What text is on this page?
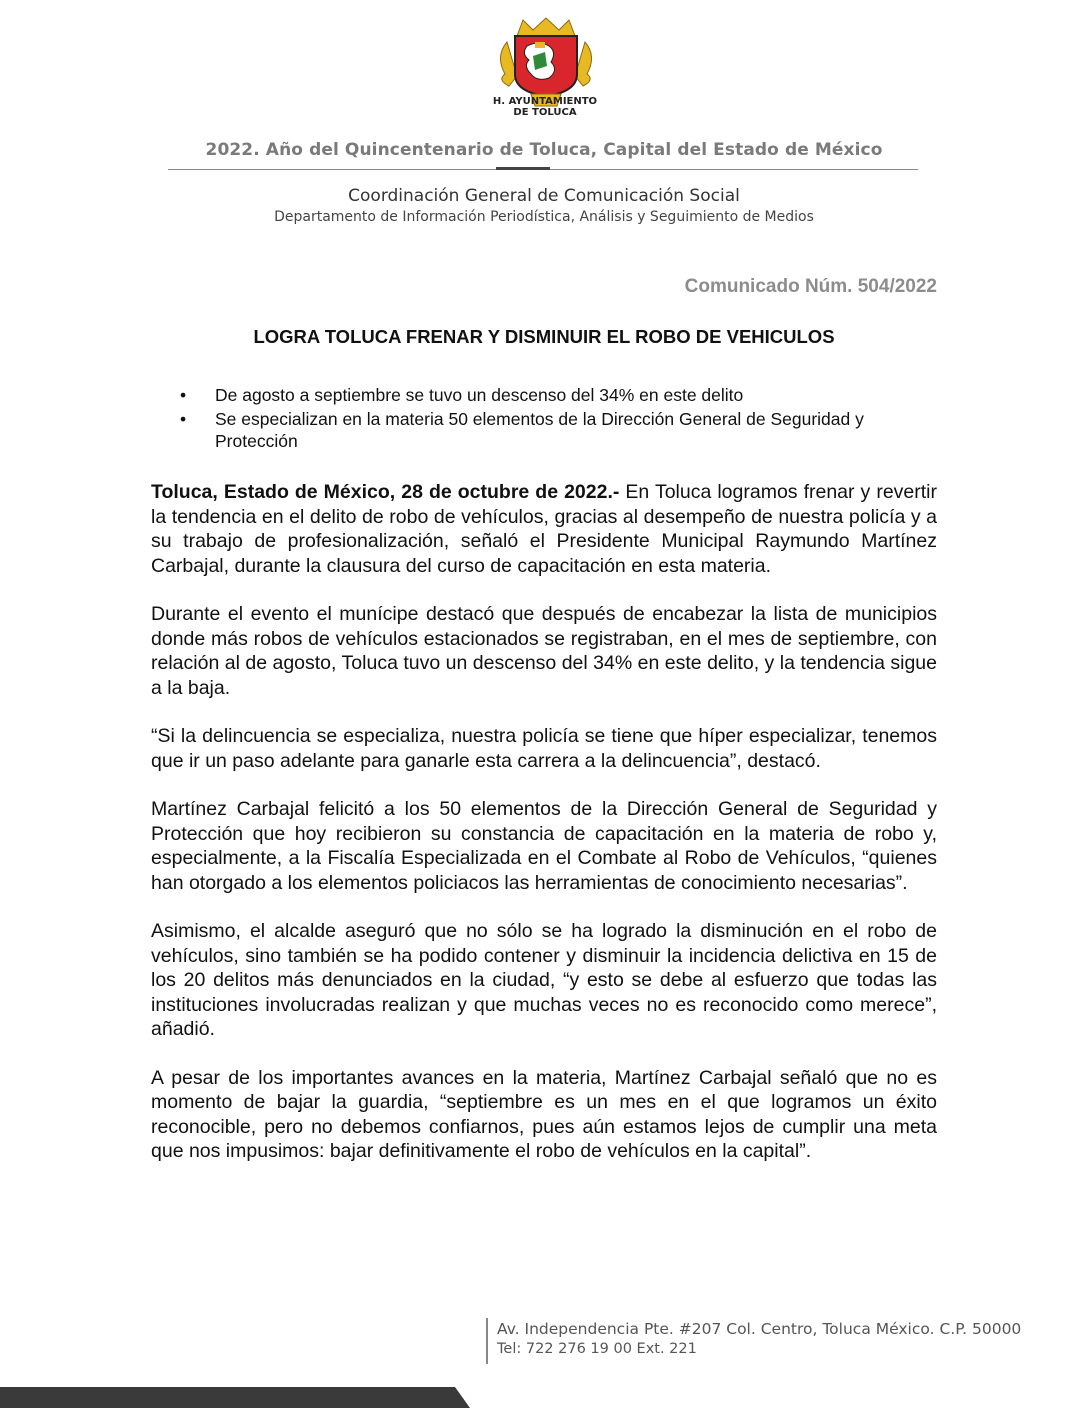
H. AYUNTAMIENTO
DE TOLUCA
2022. Año del Quincentenario de Toluca, Capital del Estado de México
Coordinación General de Comunicación Social
Departamento de Información Periodística, Análisis y Seguimiento de Medios
Comunicado Núm. 504/2022
LOGRA TOLUCA FRENAR Y DISMINUIR EL ROBO DE VEHICULOS
• De agosto a septiembre se tuvo un descenso del 34% en este delito
• Se especializan en la materia 50 elementos de la Dirección General de Seguridad y Protección

Toluca, Estado de México, 28 de octubre de 2022.- En Toluca logramos frenar y revertir la tendencia en el delito de robo de vehículos, gracias al desempeño de nuestra policía y a su trabajo de profesionalización, señaló el Presidente Municipal Raymundo Martínez Carbajal, durante la clausura del curso de capacitación en esta materia.

Durante el evento el munícipe destacó que después de encabezar la lista de municipios donde más robos de vehículos estacionados se registraban, en el mes de septiembre, con relación al de agosto, Toluca tuvo un descenso del 34% en este delito, y la tendencia sigue a la baja.

“Si la delincuencia se especializa, nuestra policía se tiene que híper especializar, tenemos que ir un paso adelante para ganarle esta carrera a la delincuencia”, destacó.

Martínez Carbajal felicitó a los 50 elementos de la Dirección General de Seguridad y Protección que hoy recibieron su constancia de capacitación en la materia de robo y, especialmente, a la Fiscalía Especializada en el Combate al Robo de Vehículos, “quienes han otorgado a los elementos policiacos las herramientas de conocimiento necesarias”.

Asimismo, el alcalde aseguró que no sólo se ha logrado la disminución en el robo de vehículos, sino también se ha podido contener y disminuir la incidencia delictiva en 15 de los 20 delitos más denunciados en la ciudad, “y esto se debe al esfuerzo que todas las instituciones involucradas realizan y que muchas veces no es reconocido como merece”, añadió.

A pesar de los importantes avances en la materia, Martínez Carbajal señaló que no es momento de bajar la guardia, “septiembre es un mes en el que logramos un éxito reconocible, pero no debemos confiarnos, pues aún estamos lejos de cumplir una meta que nos impusimos: bajar definitivamente el robo de vehículos en la capital”.

Av. Independencia Pte. #207 Col. Centro, Toluca México. C.P. 50000
Tel: 722 276 19 00 Ext. 221
